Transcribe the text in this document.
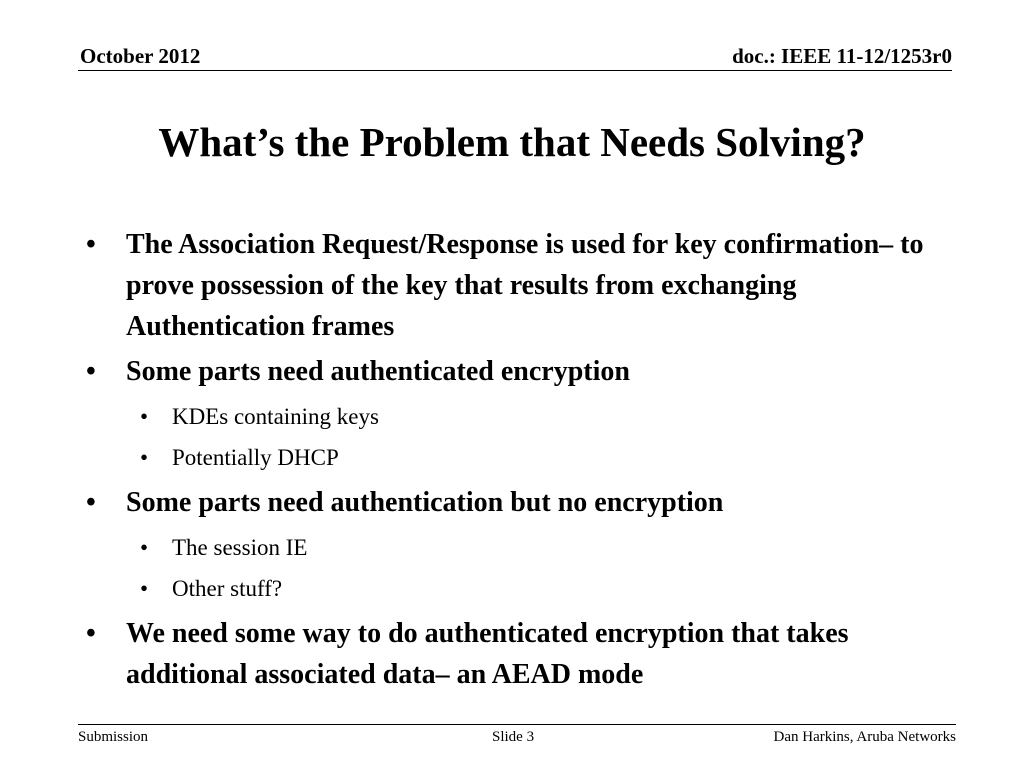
October 2012	doc.: IEEE 11-12/1253r0
What’s the Problem that Needs Solving?
• The Association Request/Response is used for key confirmation– to prove possession of the key that results from exchanging Authentication frames
• Some parts need authenticated encryption
• KDEs containing keys
• Potentially DHCP
• Some parts need authentication but no encryption
• The session IE
• Other stuff?
• We need some way to do authenticated encryption that takes additional associated data– an AEAD mode
Submission	Slide 3	Dan Harkins, Aruba Networks
